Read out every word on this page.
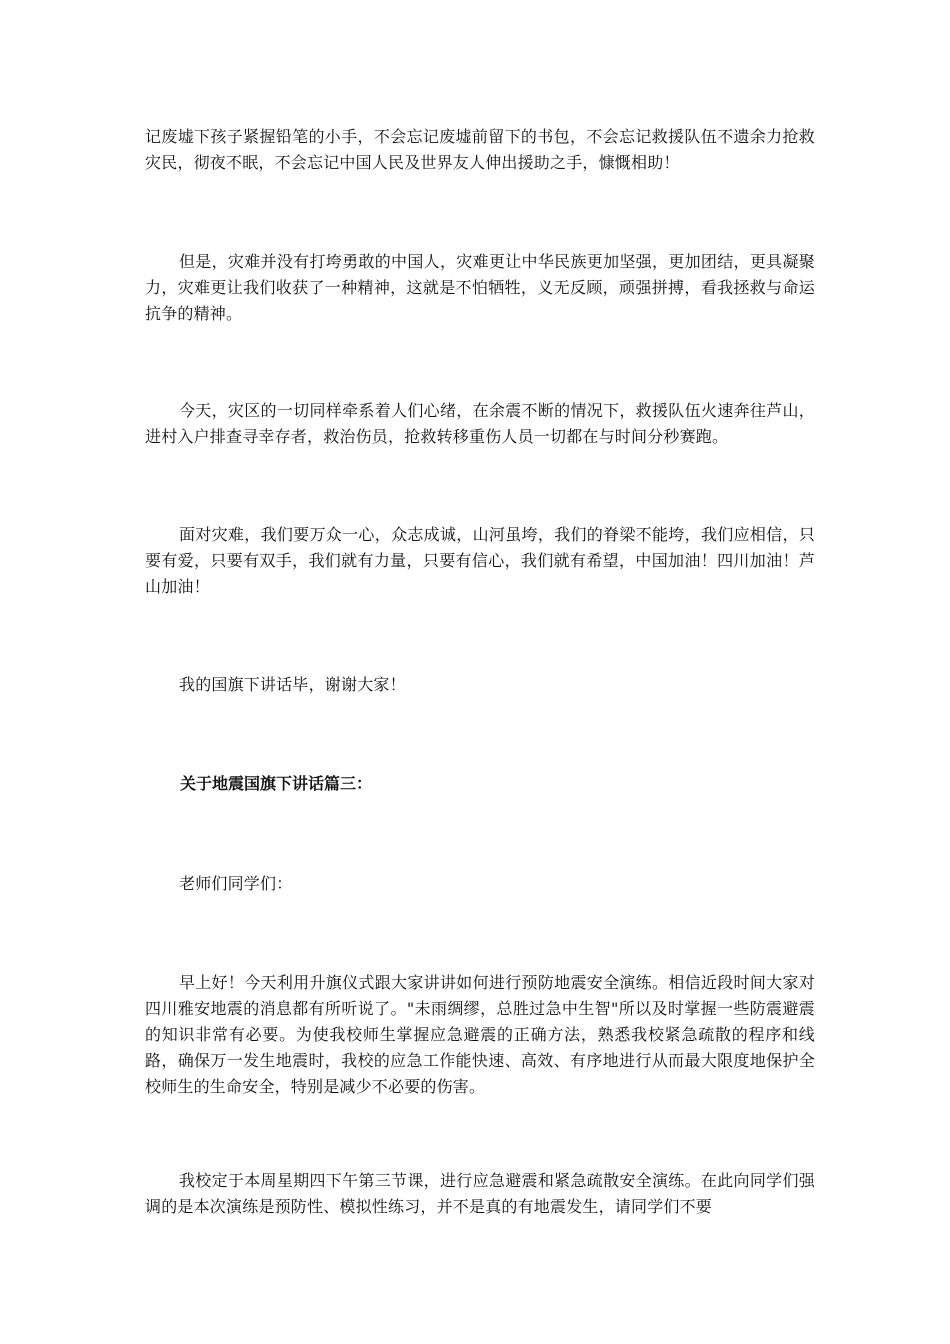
记废墟下孩子紧握铅笔的小手，不会忘记废墟前留下的书包，不会忘记救援队伍不遗余力抢救灾民，彻夜不眠，不会忘记中国人民及世界友人伸出援助之手，慷慨相助！

但是，灾难并没有打垮勇敢的中国人，灾难更让中华民族更加坚强，更加团结，更具凝聚力，灾难更让我们收获了一种精神，这就是不怕牺牲，义无反顾，顽强拼搏，看我拯救与命运抗争的精神。

今天，灾区的一切同样牵系着人们心绪，在余震不断的情况下，救援队伍火速奔往芦山，进村入户排查寻幸存者，救治伤员，抢救转移重伤人员一切都在与时间分秒赛跑。

面对灾难，我们要万众一心，众志成诚，山河虽垮，我们的脊梁不能垮，我们应相信，只要有爱，只要有双手，我们就有力量，只要有信心，我们就有希望，中国加油！四川加油！芦山加油！

我的国旗下讲话毕，谢谢大家！

关于地震国旗下讲话篇三：

老师们同学们：

早上好！今天利用升旗仪式跟大家讲讲如何进行预防地震安全演练。相信近段时间大家对四川雅安地震的消息都有所听说了。"未雨绸缪，总胜过急中生智"所以及时掌握一些防震避震的知识非常有必要。为使我校师生掌握应急避震的正确方法，熟悉我校紧急疏散的程序和线路，确保万一发生地震时，我校的应急工作能快速、高效、有序地进行从而最大限度地保护全校师生的生命安全，特别是减少不必要的伤害。

我校定于本周星期四下午第三节课，进行应急避震和紧急疏散安全演练。在此向同学们强调的是本次演练是预防性、模拟性练习，并不是真的有地震发生，请同学们不要
